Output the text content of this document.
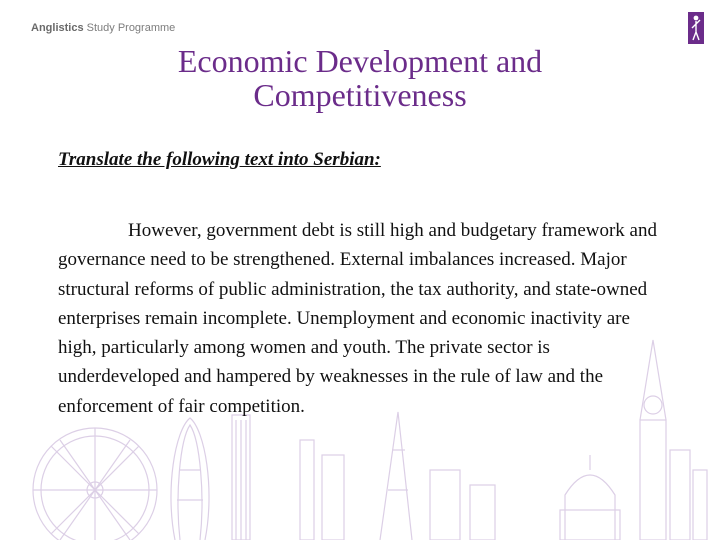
Anglistics Study Programme
Economic Development and
Competitiveness
Translate the following text into Serbian:

However, government debt is still high and budgetary framework and governance need to be strengthened. External imbalances increased. Major structural reforms of public administration, the tax authority, and state-owned enterprises remain incomplete. Unemployment and economic inactivity are high, particularly among women and youth. The private sector is underdeveloped and hampered by weaknesses in the rule of law and the enforcement of fair competition.
